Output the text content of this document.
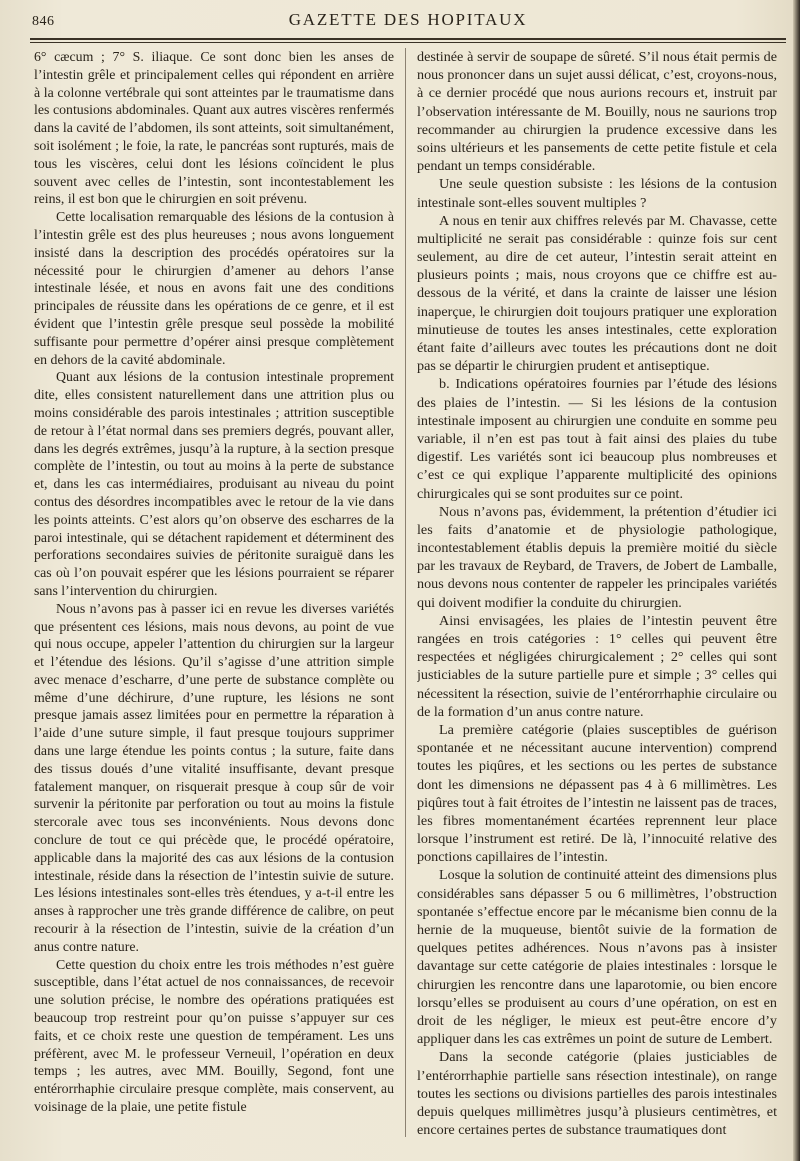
846	GAZETTE DES HOPITAUX

6° cæcum ; 7° S. iliaque. Ce sont donc bien les anses de l’intestin grêle et principalement celles qui répondent en arrière à la colonne vertébrale qui sont atteintes par le traumatisme dans les contusions abdominales. Quant aux autres viscères renfermés dans la cavité de l’abdomen, ils sont atteints, soit simultanément, soit isolément ; le foie, la rate, le pancréas sont rupturés, mais de tous les viscères, celui dont les lésions coïncident le plus souvent avec celles de l’intestin, sont incontestablement les reins, il est bon que le chirurgien en soit prévenu.

Cette localisation remarquable des lésions de la contusion à l’intestin grêle est des plus heureuses ; nous avons longuement insisté dans la description des procédés opératoires sur la nécessité pour le chirurgien d’amener au dehors l’anse intestinale lésée, et nous en avons fait une des conditions principales de réussite dans les opérations de ce genre, et il est évident que l’intestin grêle presque seul possède la mobilité suffisante pour permettre d’opérer ainsi presque complètement en dehors de la cavité abdominale.

Quant aux lésions de la contusion intestinale proprement dite, elles consistent naturellement dans une attrition plus ou moins considérable des parois intestinales ; attrition susceptible de retour à l’état normal dans ses premiers degrés, pouvant aller, dans les degrés extrêmes, jusqu’à la rupture, à la section presque complète de l’intestin, ou tout au moins à la perte de substance et, dans les cas intermédiaires, produisant au niveau du point contus des désordres incompatibles avec le retour de la vie dans les points atteints. C’est alors qu’on observe des escharres de la paroi intestinale, qui se détachent rapidement et déterminent des perforations secondaires suivies de péritonite suraiguë dans les cas où l’on pouvait espérer que les lésions pourraient se réparer sans l’intervention du chirurgien.

Nous n’avons pas à passer ici en revue les diverses variétés que présentent ces lésions, mais nous devons, au point de vue qui nous occupe, appeler l’attention du chirurgien sur la largeur et l’étendue des lésions. Qu’il s’agisse d’une attrition simple avec menace d’escharre, d’une perte de substance complète ou même d’une déchirure, d’une rupture, les lésions ne sont presque jamais assez limitées pour en permettre la réparation à l’aide d’une suture simple, il faut presque toujours supprimer dans une large étendue les points contus ; la suture, faite dans des tissus doués d’une vitalité insuffisante, devant presque fatalement manquer, on risquerait presque à coup sûr de voir survenir la péritonite par perforation ou tout au moins la fistule stercorale avec tous ses inconvénients. Nous devons donc conclure de tout ce qui précède que, le procédé opératoire, applicable dans la majorité des cas aux lésions de la contusion intestinale, réside dans la résection de l’intestin suivie de suture. Les lésions intestinales sont-elles très étendues, y a-t-il entre les anses à rapprocher une très grande différence de calibre, on peut recourir à la résection de l’intestin, suivie de la création d’un anus contre nature.

Cette question du choix entre les trois méthodes n’est guère susceptible, dans l’état actuel de nos connaissances, de recevoir une solution précise, le nombre des opérations pratiquées est beaucoup trop restreint pour qu’on puisse s’appuyer sur ces faits, et ce choix reste une question de tempérament. Les uns préfèrent, avec M. le professeur Verneuil, l’opération en deux temps ; les autres, avec MM. Bouilly, Segond, font une entérorrhaphie circulaire presque complète, mais conservent, au voisinage de la plaie, une petite fistule

destinée à servir de soupape de sûreté. S’il nous était permis de nous prononcer dans un sujet aussi délicat, c’est, croyons-nous, à ce dernier procédé que nous aurions recours et, instruit par l’observation intéressante de M. Bouilly, nous ne saurions trop recommander au chirurgien la prudence excessive dans les soins ultérieurs et les pansements de cette petite fistule et cela pendant un temps considérable.

Une seule question subsiste : les lésions de la contusion intestinale sont-elles souvent multiples ?

A nous en tenir aux chiffres relevés par M. Chavasse, cette multiplicité ne serait pas considérable : quinze fois sur cent seulement, au dire de cet auteur, l’intestin serait atteint en plusieurs points ; mais, nous croyons que ce chiffre est au-dessous de la vérité, et dans la crainte de laisser une lésion inaperçue, le chirurgien doit toujours pratiquer une exploration minutieuse de toutes les anses intestinales, cette exploration étant faite d’ailleurs avec toutes les précautions dont ne doit pas se départir le chirurgien prudent et antiseptique.

b. Indications opératoires fournies par l’étude des lésions des plaies de l’intestin. — Si les lésions de la contusion intestinale imposent au chirurgien une conduite en somme peu variable, il n’en est pas tout à fait ainsi des plaies du tube digestif. Les variétés sont ici beaucoup plus nombreuses et c’est ce qui explique l’apparente multiplicité des opinions chirurgicales qui se sont produites sur ce point.

Nous n’avons pas, évidemment, la prétention d’étudier ici les faits d’anatomie et de physiologie pathologique, incontestablement établis depuis la première moitié du siècle par les travaux de Reybard, de Travers, de Jobert de Lamballe, nous devons nous contenter de rappeler les principales variétés qui doivent modifier la conduite du chirurgien.

Ainsi envisagées, les plaies de l’intestin peuvent être rangées en trois catégories : 1° celles qui peuvent être respectées et négligées chirurgicalement ; 2° celles qui sont justiciables de la suture partielle pure et simple ; 3° celles qui nécessitent la résection, suivie de l’entérorrhaphie circulaire ou de la formation d’un anus contre nature.

La première catégorie (plaies susceptibles de guérison spontanée et ne nécessitant aucune intervention) comprend toutes les piqûres, et les sections ou les pertes de substance dont les dimensions ne dépassent pas 4 à 6 millimètres. Les piqûres tout à fait étroites de l’intestin ne laissent pas de traces, les fibres momentanément écartées reprennent leur place lorsque l’instrument est retiré. De là, l’innocuité relative des ponctions capillaires de l’intestin.

Losque la solution de continuité atteint des dimensions plus considérables sans dépasser 5 ou 6 millimètres, l’obstruction spontanée s’effectue encore par le mécanisme bien connu de la hernie de la muqueuse, bientôt suivie de la formation de quelques petites adhérences. Nous n’avons pas à insister davantage sur cette catégorie de plaies intestinales : lorsque le chirurgien les rencontre dans une laparotomie, ou bien encore lorsqu’elles se produisent au cours d’une opération, on est en droit de les négliger, le mieux est peut-être encore d’y appliquer dans les cas extrêmes un point de suture de Lembert.

Dans la seconde catégorie (plaies justiciables de l’entérorrhaphie partielle sans résection intestinale), on range toutes les sections ou divisions partielles des parois intestinales depuis quelques millimètres jusqu’à plusieurs centimètres, et encore certaines pertes de substance traumatiques dont
